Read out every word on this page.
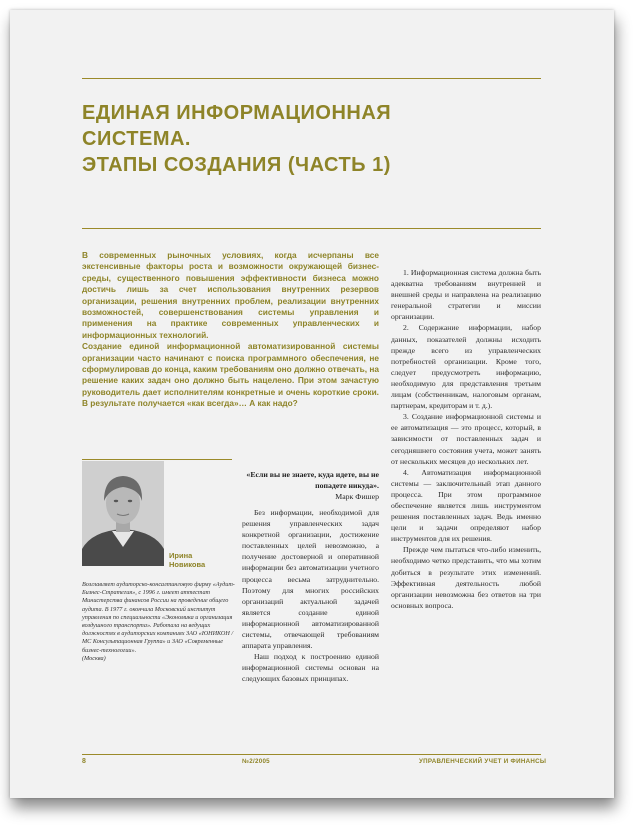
ЕДИНАЯ ИНФОРМАЦИОННАЯ
СИСТЕМА.
ЭТАПЫ СОЗДАНИЯ (ЧАСТЬ 1)

В современных рыночных условиях, когда исчерпаны все экстенсивные факторы роста и возможности окружающей бизнес-среды, существенного повышения эффективности бизнеса можно достичь лишь за счет использования внутренних резервов организации, решения внутренних проблем, реализации внутренних возможностей, совершенствования системы управления и применения на практике современных управленческих и информационных технологий.

Создание единой информационной автоматизированной системы организации часто начинают с поиска программного обеспечения, не сформулировав до конца, каким требованиям оно должно отвечать, на решение каких задач оно должно быть нацелено. При этом зачастую руководитель дает исполнителям конкретные и очень короткие сроки. В результате получается «как всегда»… А как надо?

Ирина
Новикова

Возглавляет аудиторско-консалтинговую фирму «Аудит-Бизнес-Стратегия», с 1996 г. имеет аттестат Министерства финансов России на проведение общего аудита. В 1977 г. окончила Московский институт управления по специальности «Экономика и организация воздушного транспорта». Работала на ведущих должностях в аудиторских компаниях ЗАО «ЮНИКОН / МС Консультационная Группа» и ЗАО «Современные бизнес-технологии».

(Москва)

«Если вы не знаете, куда идете, вы не попадете никуда».
Марк Фишер

Без информации, необходимой для решения управленческих задач конкретной организации, достижение поставленных целей невозможно, а получение достоверной и оперативной информации без автоматизации учетного процесса весьма затруднительно. Поэтому для многих российских организаций актуальной задачей является создание единой информационной автоматизированной системы, отвечающей требованиям аппарата управления.

Наш подход к построению единой информационной системы основан на следующих базовых принципах.

1. Информационная система должна быть адекватна требованиям внутренней и внешней среды и направлена на реализацию генеральной стратегии и миссии организации.

2. Содержание информации, набор данных, показателей должны исходить прежде всего из управленческих потребностей организации. Кроме того, следует предусмотреть информацию, необходимую для представления третьим лицам (собственникам, налоговым органам, партнерам, кредиторам и т. д.).

3. Создание информационной системы и ее автоматизация — это процесс, который, в зависимости от поставленных задач и сегодняшнего состояния учета, может занять от нескольких месяцев до нескольких лет.

4. Автоматизация информационной системы — заключительный этап данного процесса. При этом программное обеспечение является лишь инструментом решения поставленных задач. Ведь именно цели и задачи определяют набор инструментов для их решения.

Прежде чем пытаться что-либо изменить, необходимо четко представить, что мы хотим добиться в результате этих изменений. Эффективная деятельность любой организации невозможна без ответов на три основных вопроса.

8	№2/2005	УПРАВЛЕНЧЕСКИЙ УЧЕТ И ФИНАНСЫ
